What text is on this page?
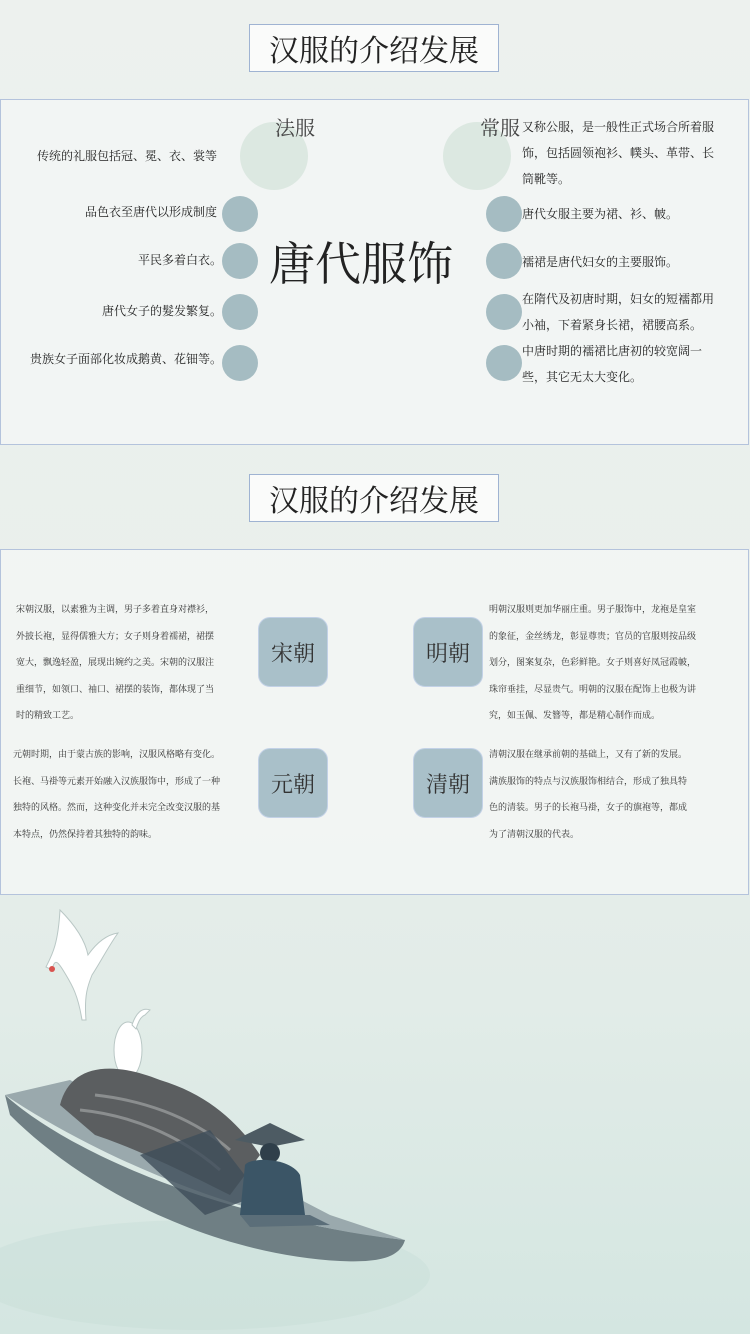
汉服的介绍发展
法服	常服
唐代服饰
传统的礼服包括冠、冕、衣、裳等
品色衣至唐代以形成制度
平民多着白衣。
唐代女子的髮发繁复。
贵族女子面部化妆成鹅黄、花钿等。
又称公服，是一般性正式场合所着服
饰，包括圆领袍衫、幞头、革带、长
筒靴等。
唐代女服主要为裙、衫、帔。
襦裙是唐代妇女的主要服饰。
在隋代及初唐时期，妇女的短襦都用
小袖，下着紧身长裙，裙腰高系。
中唐时期的襦裙比唐初的较宽阔一
些，其它无太大变化。
汉服的介绍发展
宋朝	明朝
元朝	清朝
宋朝汉服，以素雅为主调，男子多着直身对襟衫，
外披长袍，显得儒雅大方；女子则身着襦裙，裙摆
宽大，飘逸轻盈，展现出婉约之美。宋朝的汉服注
重细节，如领口、袖口、裙摆的装饰，都体现了当
时的精致工艺。
明朝汉服则更加华丽庄重。男子服饰中，龙袍是皇室
的象征，金丝绣龙，彰显尊贵；官员的官服则按品级
划分，图案复杂，色彩鲜艳。女子则喜好凤冠霞帔，
珠帘垂挂，尽显贵气。明朝的汉服在配饰上也极为讲
究，如玉佩、发簪等，都是精心制作而成。
元朝时期，由于蒙古族的影响，汉服风格略有变化。
长袍、马褂等元素开始融入汉族服饰中，形成了一种
独特的风格。然而，这种变化并未完全改变汉服的基
本特点，仍然保持着其独特的韵味。
清朝汉服在继承前朝的基础上，又有了新的发展。
满族服饰的特点与汉族服饰相结合，形成了独具特
色的清装。男子的长袍马褂，女子的旗袍等，都成
为了清朝汉服的代表。
